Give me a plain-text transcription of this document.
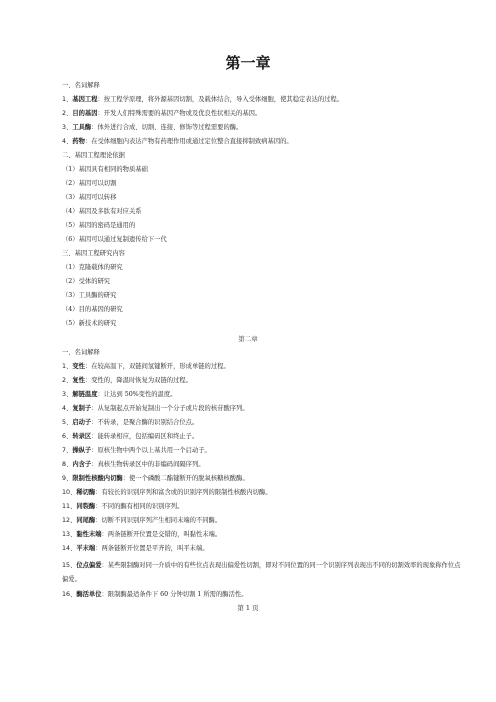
第一章
一、名词解释
1、基因工程：按工程学原理，将外源基因切割，及载体结合，导入受体细胞，使其稳定表达的过程。
2、目的基因：开发人们特殊需要的基因产物或及优良性状相关的基因。
3、工具酶：体外进行合成、切割、连接、修饰等过程需要的酶。
4、药物：在受体细胞内表达产物有药理作用或通过定位整合直接抑制致病基因的。
二、基因工程理论依据
（1）基因具有相同的物质基础
（2）基因可以切割
（3）基因可以转移
（4）基因及多肽有对应关系
（5）基因的密码是通用的
（6）基因可以通过复制遗传给下一代
三、基因工程研究内容
（1）克隆载体的研究
（2）受体的研究
（3）工具酶的研究
（4）目的基因的研究
（5）新技术的研究
第二章
一、名词解释
1、变性：在较高温下，双链间氢键断开，形成单链的过程。
2、复性：变性的，降温时恢复为双链的过程。
3、解链温度：让达到 50%变性的温度。
4、复制子：从复制起点开始复制出一个分子或片段的核苷酸序列。
5、启动子：不转录，是聚合酶的识别结合位点。
6、转录区：能转录相应，包括编码区和终止子。
7、操纵子：原核生物中两个以上基共用一个启动子。
8、内含子：真核生物转录区中的非编码间隔序列。
9、限制性核酸内切酶：使一个磷酸二酯键断开的脱氧核糖核酸酶。
10、稀切酶：有较长的识别序列和富含或的识别序列的限制性核酸内切酶。
11、同裂酶：不同的酶有相同的识别序列。
12、同尾酶：切断不同识别序列产生相同末端的不同酶。
13、黏性末端：两条链断开位置是交错的，叫黏性末端。
14、平末端：两条链断开位置是平齐的，叫平末端。
15、位点偏爱：某些限制酶对同一介质中的有些位点表现出偏爱性切割，即对不同位置的同一个识别序列表现出不同的切割效率的现象称作位点偏爱。
16、酶活单位：限制酶最适条件下 60 分钟切割 1 所需的酶活性。
第 1 页
